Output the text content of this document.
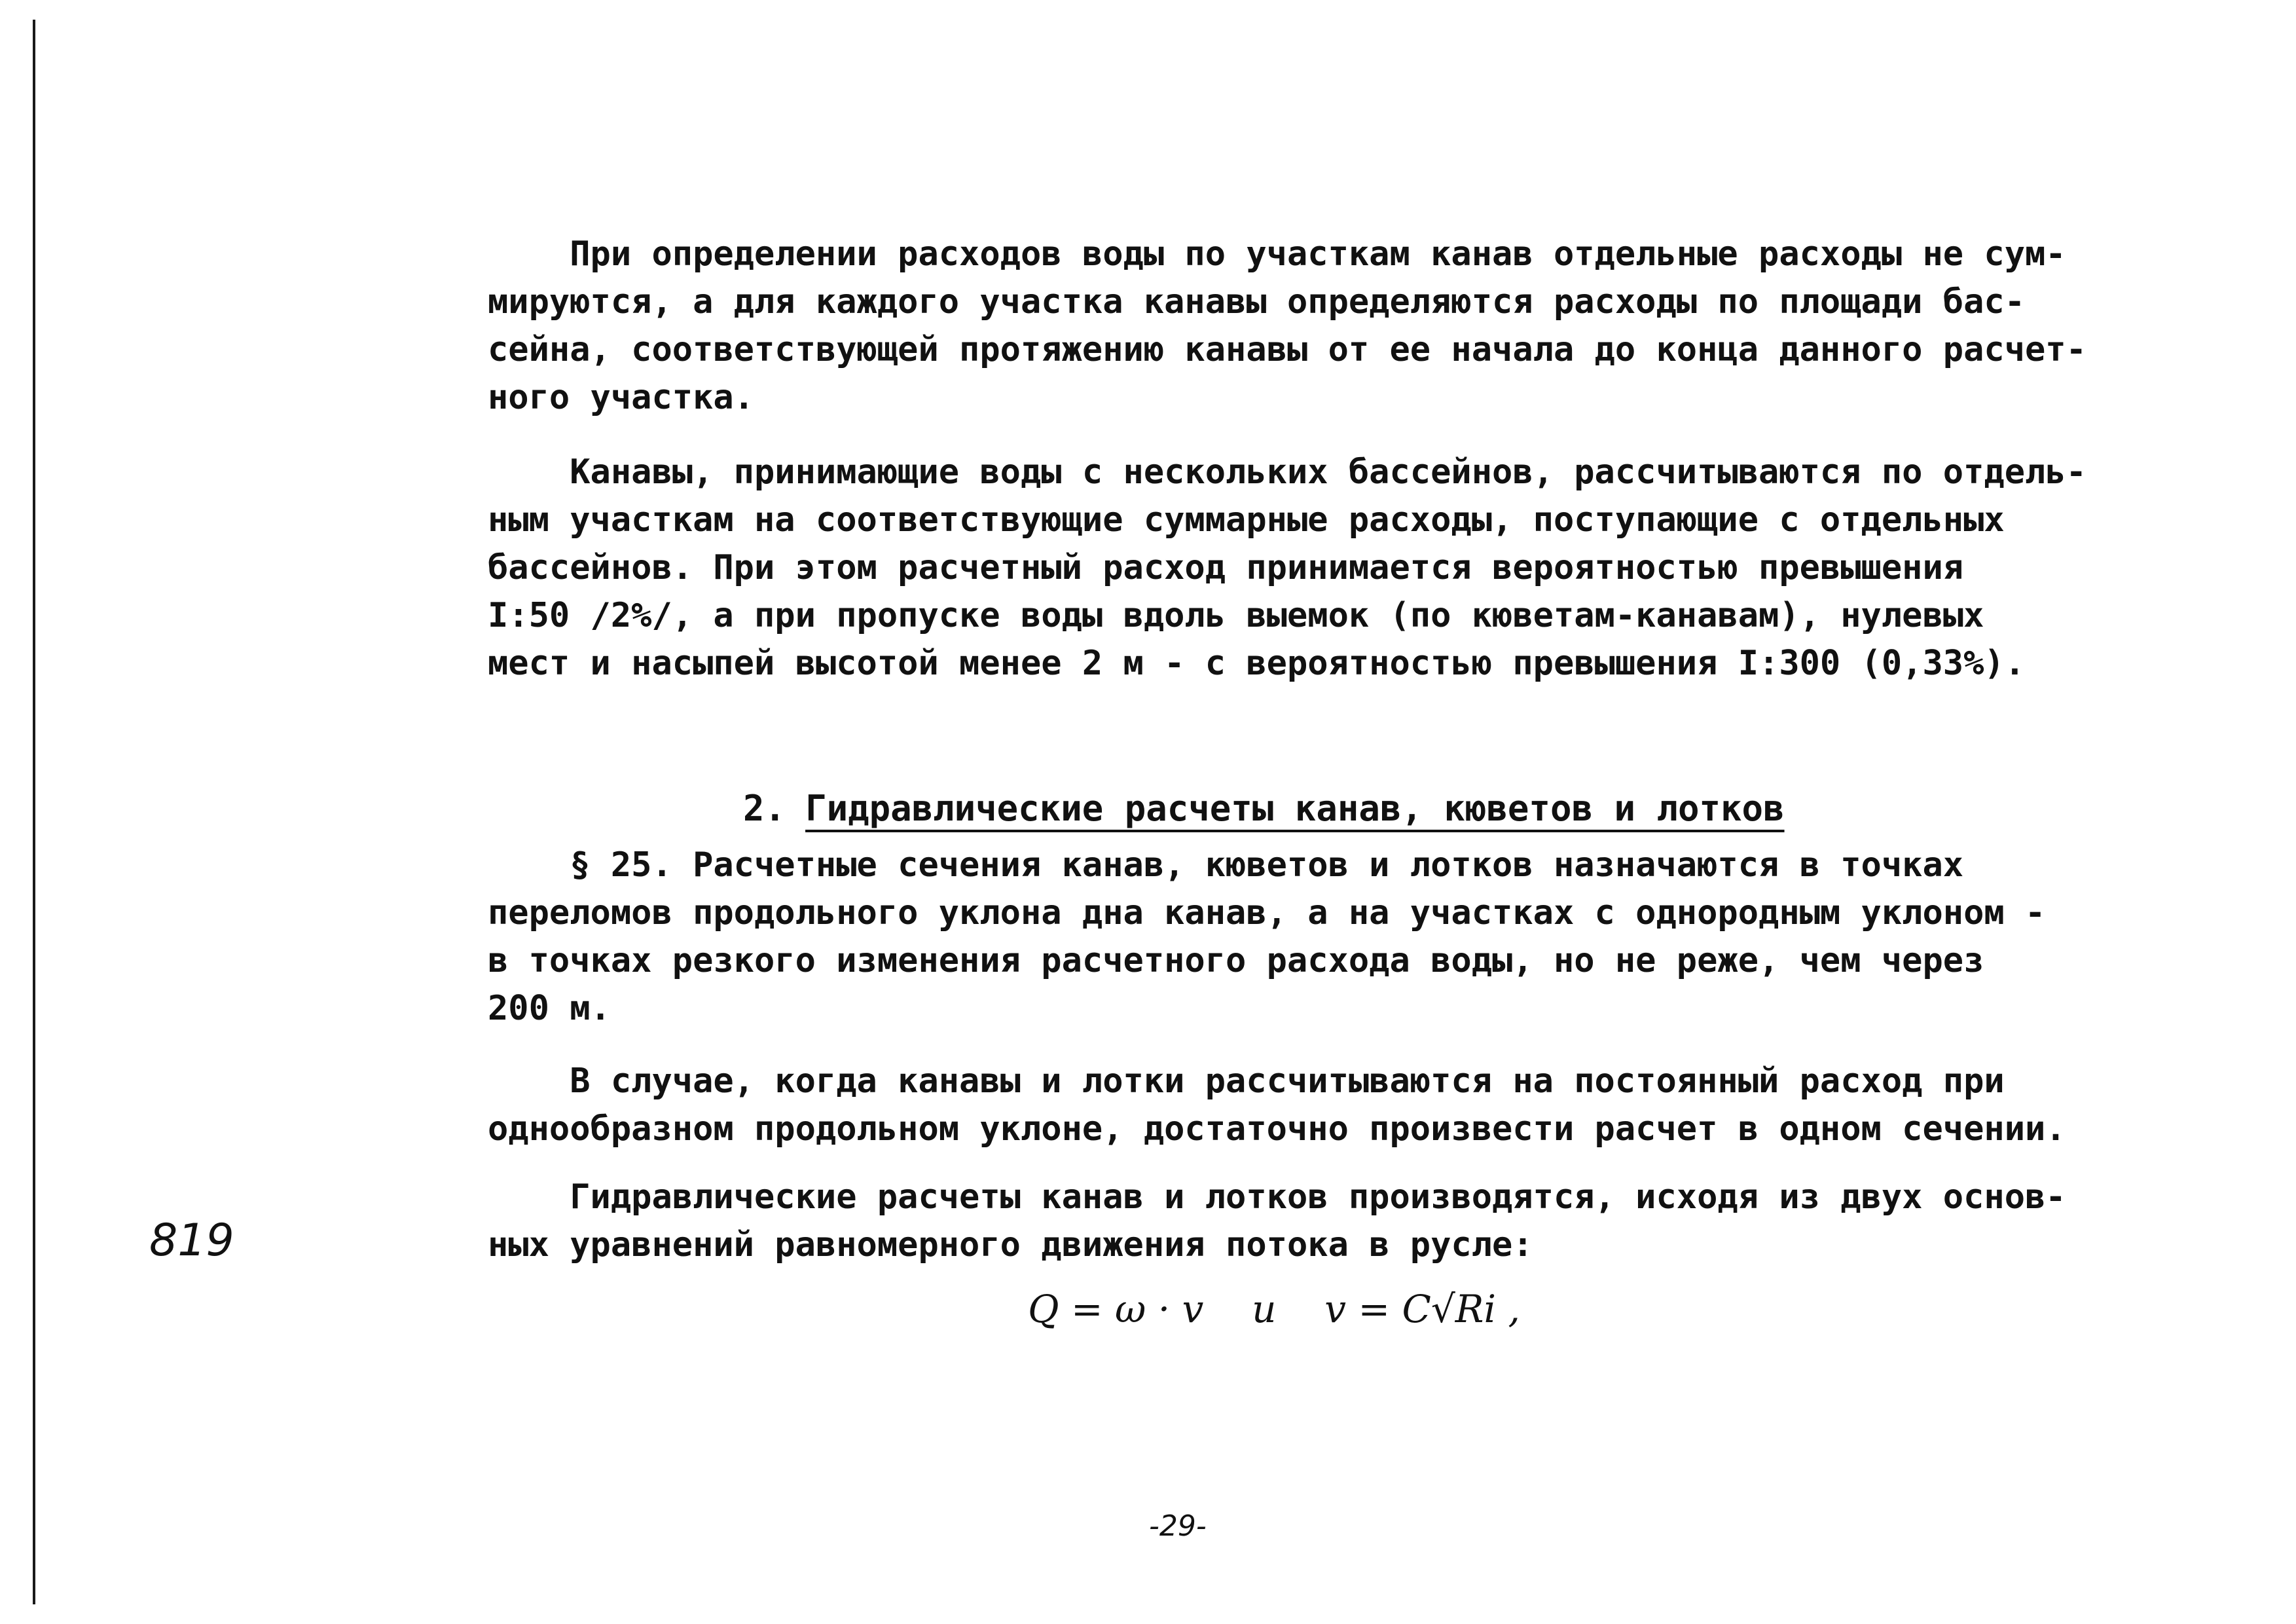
При определении расходов воды по участкам канав отдельные расходы не сум-
мируются, а для каждого участка канавы определяются расходы по площади бас-
сейна, соответствующей протяжению канавы от ее начала до конца данного расчет-
ного участка.

Канавы, принимающие воды с нескольких бассейнов, рассчитываются по отдель-
ным участкам на соответствующие суммарные расходы, поступающие с отдельных
бассейнов. При этом расчетный расход принимается вероятностью превышения
I:50 /2%/, а при пропуске воды вдоль выемок (по кюветам-канавам), нулевых
мест и насыпей высотой менее 2 м - с вероятностью превышения I:300 (0,33%).

2. Гидравлические расчеты канав, кюветов и лотков

§ 25. Расчетные сечения канав, кюветов и лотков назначаются в точках
переломов продольного уклона дна канав, а на участках с однородным уклоном -
в точках резкого изменения расчетного расхода воды, но не реже, чем через
200 м.

В случае, когда канавы и лотки рассчитываются на постоянный расход при
однообразном продольном уклоне, достаточно произвести расчет в одном сечении.

Гидравлические расчеты канав и лотков производятся, исходя из двух основ-
ных уравнений равномерного движения потока в русле:

Q = ω · v    и    v = C√Ri ,
819
-29-
